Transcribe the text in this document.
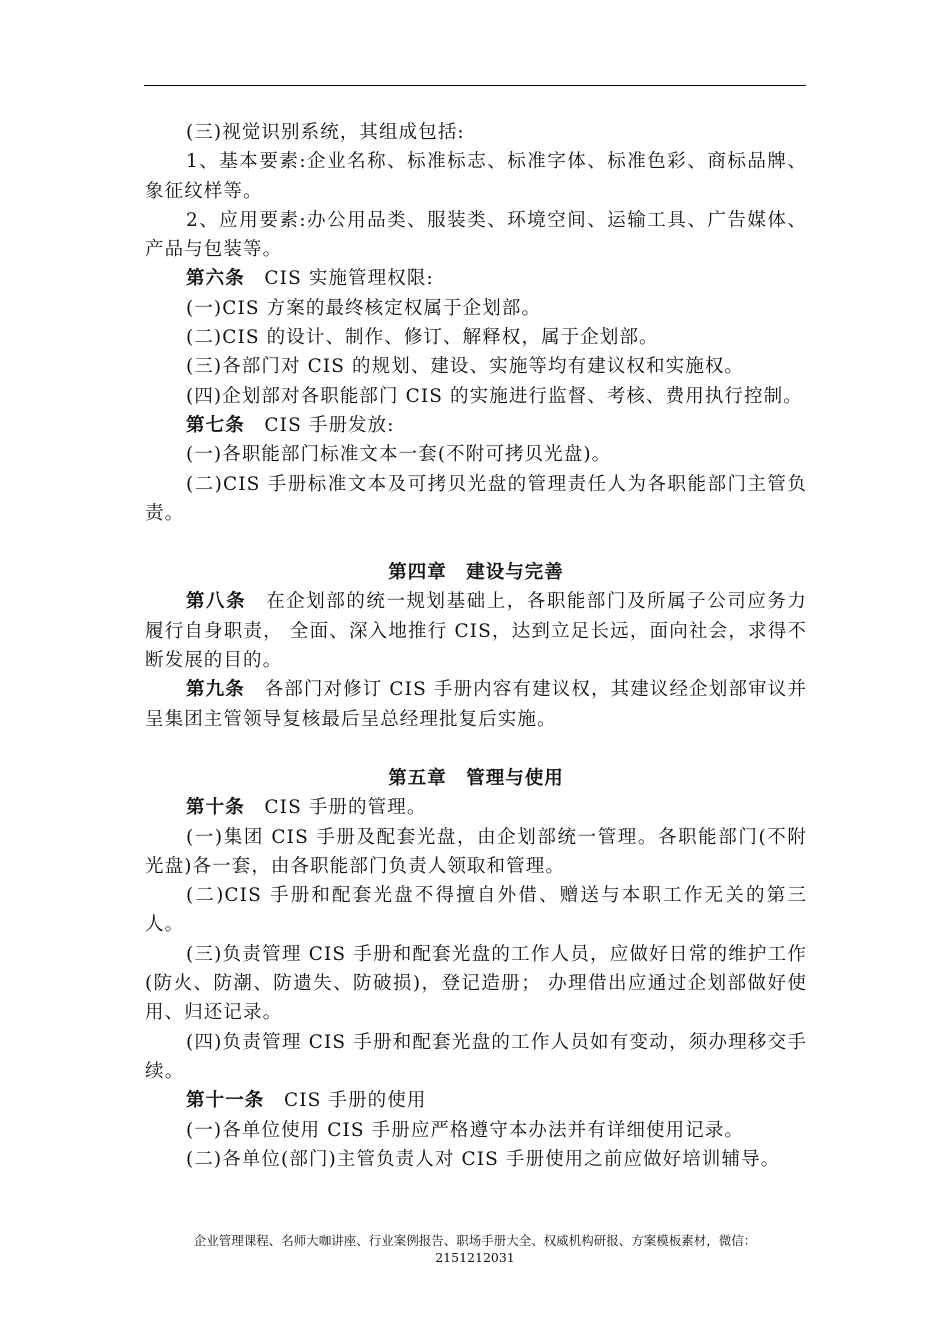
(三)视觉识别系统，其组成包括:

1、基本要素:企业名称、标准标志、标准字体、标准色彩、商标品牌、象征纹样等。

2、应用要素:办公用品类、服装类、环境空间、运输工具、广告媒体、产品与包装等。

第六条　 CIS 实施管理权限:

(一)CIS 方案的最终核定权属于企划部。

(二)CIS 的设计、制作、修订、解释权，属于企划部。

(三)各部门对 CIS 的规划、建设、实施等均有建议权和实施权。

(四)企划部对各职能部门 CIS 的实施进行监督、考核、费用执行控制。

第七条　 CIS 手册发放:

(一)各职能部门标准文本一套(不附可拷贝光盘)。

(二)CIS 手册标准文本及可拷贝光盘的管理责任人为各职能部门主管负责。

第四章　建设与完善

第八条　 在企划部的统一规划基础上，各职能部门及所属子公司应务力履行自身职责， 全面、深入地推行 CIS，达到立足长远，面向社会，求得不断发展的目的。

第九条　 各部门对修订 CIS 手册内容有建议权，其建议经企划部审议并呈集团主管领导复核最后呈总经理批复后实施。

第五章　管理与使用

第十条　 CIS 手册的管理。

(一)集团 CIS 手册及配套光盘，由企划部统一管理。各职能部门(不附光盘)各一套，由各职能部门负责人领取和管理。

(二)CIS 手册和配套光盘不得擅自外借、赠送与本职工作无关的第三人。

(三)负责管理 CIS 手册和配套光盘的工作人员，应做好日常的维护工作(防火、防潮、防遗失、防破损)，登记造册； 办理借出应通过企划部做好使用、归还记录。

(四)负责管理 CIS 手册和配套光盘的工作人员如有变动，须办理移交手续。

第十一条　 CIS 手册的使用

(一)各单位使用 CIS 手册应严格遵守本办法并有详细使用记录。

(二)各单位(部门)主管负责人对 CIS 手册使用之前应做好培训辅导。

企业管理课程、名师大咖讲座、行业案例报告、职场手册大全、权威机构研报、方案模板素材，微信：
2151212031
